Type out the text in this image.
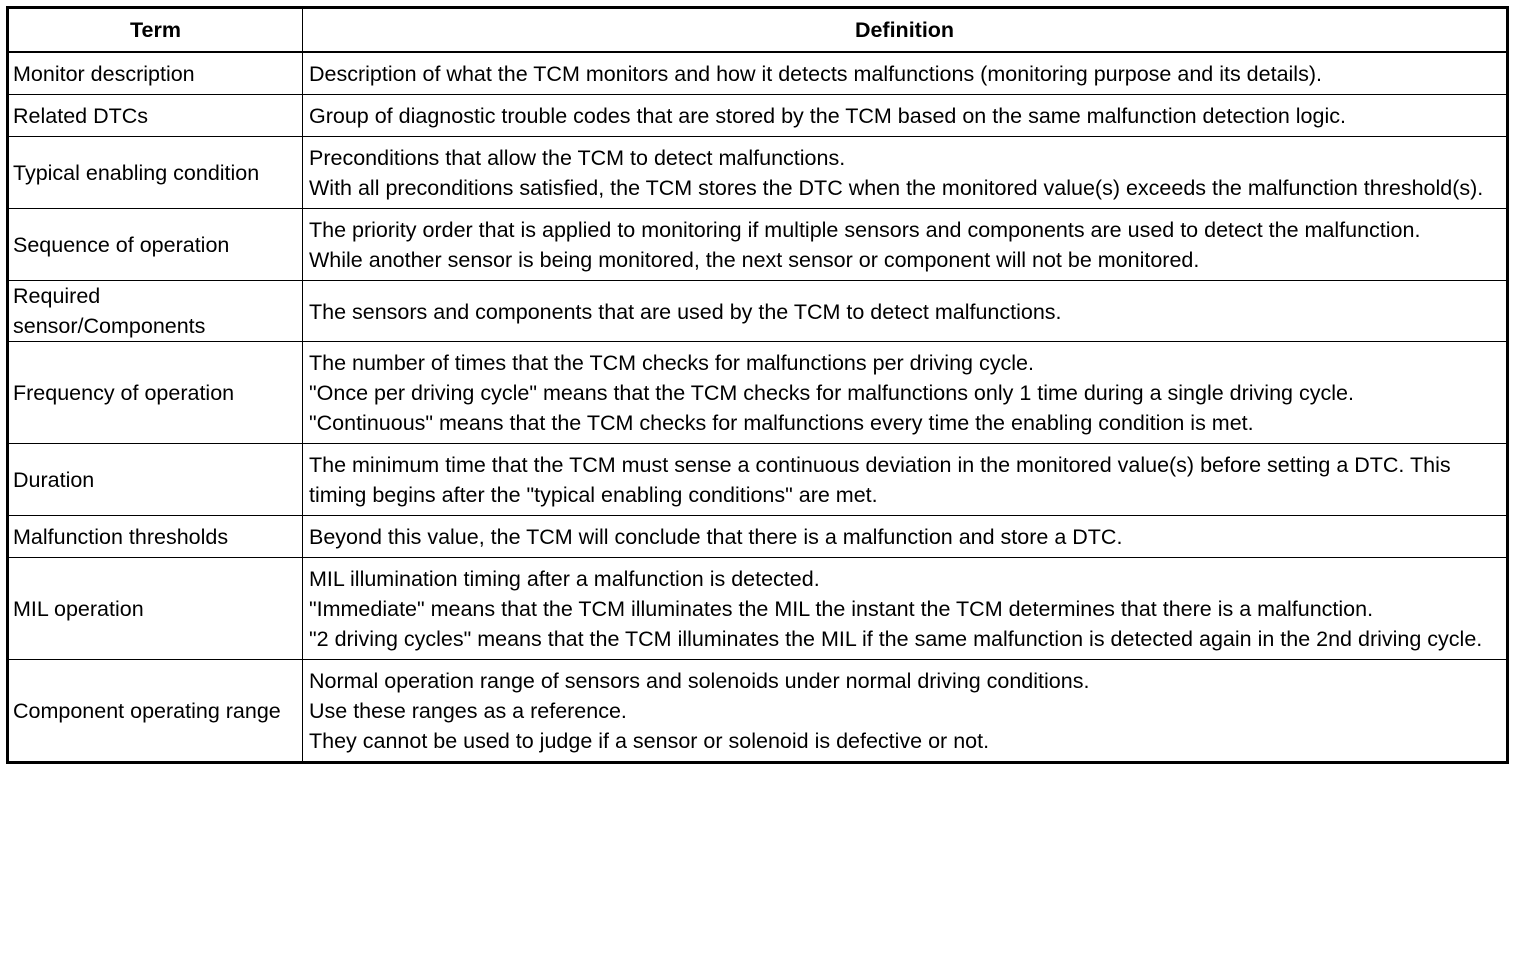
Term	Definition
Monitor description	Description of what the TCM monitors and how it detects malfunctions (monitoring purpose and its details).

Related DTCs	Group of diagnostic trouble codes that are stored by the TCM based on the same malfunction detection logic.

Typical enabling condition	Preconditions that allow the TCM to detect malfunctions.
With all preconditions satisfied, the TCM stores the DTC when the monitored value(s) exceeds the malfunction threshold(s).

Sequence of operation	The priority order that is applied to monitoring if multiple sensors and components are used to detect the malfunction.
While another sensor is being monitored, the next sensor or component will not be monitored.

Required sensor/Components	The sensors and components that are used by the TCM to detect malfunctions.

Frequency of operation	The number of times that the TCM checks for malfunctions per driving cycle.
"Once per driving cycle" means that the TCM checks for malfunctions only 1 time during a single driving cycle.
"Continuous" means that the TCM checks for malfunctions every time the enabling condition is met.

Duration	The minimum time that the TCM must sense a continuous deviation in the monitored value(s) before setting a DTC. This timing begins after the "typical enabling conditions" are met.

Malfunction thresholds	Beyond this value, the TCM will conclude that there is a malfunction and store a DTC.

MIL operation	MIL illumination timing after a malfunction is detected.
"Immediate" means that the TCM illuminates the MIL the instant the TCM determines that there is a malfunction.
"2 driving cycles" means that the TCM illuminates the MIL if the same malfunction is detected again in the 2nd driving cycle.

Component operating range	Normal operation range of sensors and solenoids under normal driving conditions.
Use these ranges as a reference.
They cannot be used to judge if a sensor or solenoid is defective or not.
